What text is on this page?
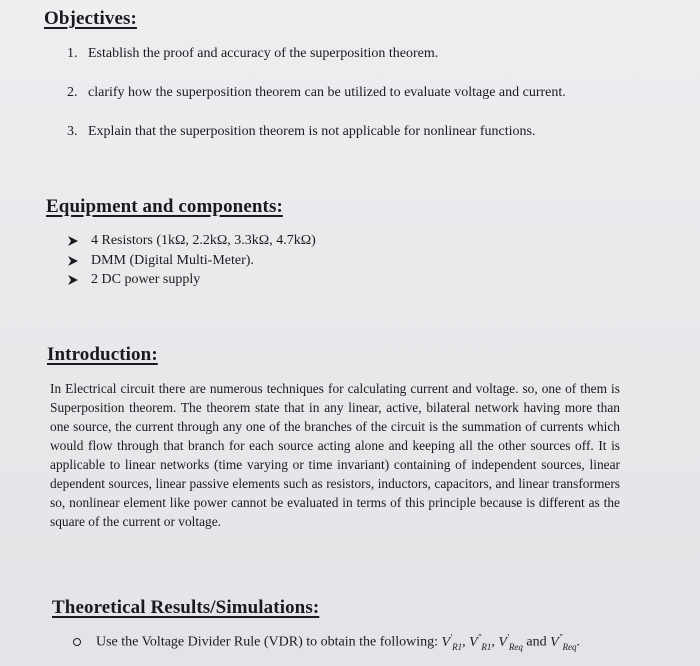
Objectives:
1. Establish the proof and accuracy of the superposition theorem.
2. clarify how the superposition theorem can be utilized to evaluate voltage and current.
3. Explain that the superposition theorem is not applicable for nonlinear functions.
Equipment and components:
4 Resistors (1kΩ, 2.2kΩ, 3.3kΩ, 4.7kΩ)
DMM (Digital Multi-Meter).
2 DC power supply
Introduction:

In Electrical circuit there are numerous techniques for calculating current and voltage. so, one of them is Superposition theorem. The theorem state that in any linear, active, bilateral network having more than one source, the current through any one of the branches of the circuit is the summation of currents which would flow through that branch for each source acting alone and keeping all the other sources off. It is applicable to linear networks (time varying or time invariant) containing of independent sources, linear dependent sources, linear passive elements such as resistors, inductors, capacitors, and linear transformers so, nonlinear element like power cannot be evaluated in terms of this principle because is different as the square of the current or voltage.

Theoretical Results/Simulations:
Use the Voltage Divider Rule (VDR) to obtain the following: $V'_{R1}$, $V''_{R1}$, $V'_{Req}$ and $V''_{Req}$.
